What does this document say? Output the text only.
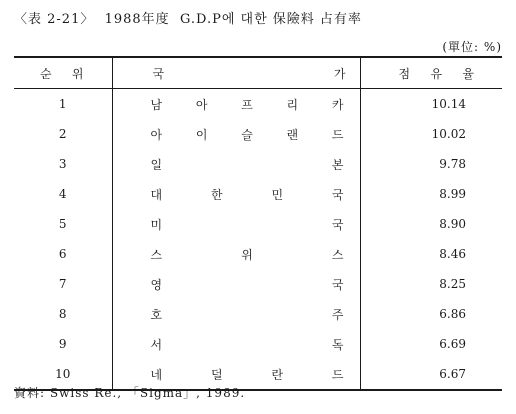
〈表 2-21〉  1988年度  G.D.P에 대한 保險料 占有率
(單位: %)
순 위	국 가	점 유 율

1	남 아 프 리 카	10.14
2	아 이 슬 랜 드	10.02
3	일 본	9.78
4	대 한 민 국	8.99
5	미 국	8.90
6	스 위 스	8.46
7	영 국	8.25
8	호 주	6.86
9	서 독	6.69
10	네 덜 란 드	6.67
資料: Swiss Re., 「Sigma」, 1989.
